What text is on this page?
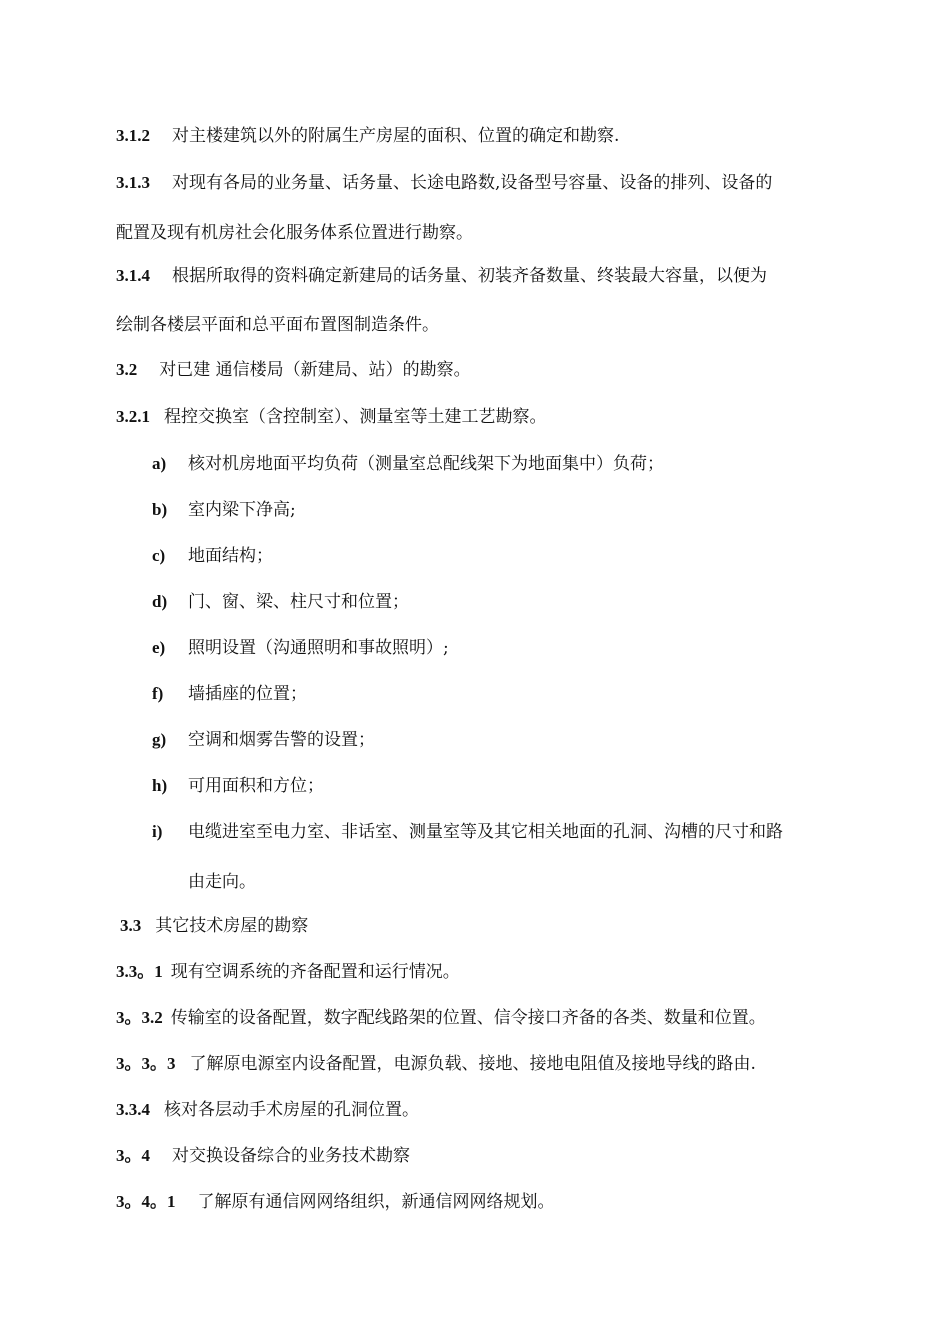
3.1.2 对主楼建筑以外的附属生产房屋的面积、位置的确定和勘察.
3.1.3 对现有各局的业务量、话务量、长途电路数,设备型号容量、设备的排列、设备的
配置及现有机房社会化服务体系位置进行勘察。
3.1.4 根据所取得的资料确定新建局的话务量、初装齐备数量、终装最大容量，以便为
绘制各楼层平面和总平面布置图制造条件。
3.2 对已建 通信楼局（新建局、站）的勘察。
3.2.1 程控交换室（含控制室）、测量室等土建工艺勘察。
a) 核对机房地面平均负荷（测量室总配线架下为地面集中）负荷；
b) 室内梁下净高;
c) 地面结构；
d) 门、窗、梁、柱尺寸和位置；
e) 照明设置（沟通照明和事故照明）;
f) 墙插座的位置；
g) 空调和烟雾告警的设置；
h) 可用面积和方位；
i) 电缆进室至电力室、非话室、测量室等及其它相关地面的孔洞、沟槽的尺寸和路
由走向。
3.3 其它技术房屋的勘察
3.3。1 现有空调系统的齐备配置和运行情况。
3。3.2 传输室的设备配置，数字配线路架的位置、信令接口齐备的各类、数量和位置。
3。3。3 了解原电源室内设备配置，电源负载、接地、接地电阻值及接地导线的路由.
3.3.4 核对各层动手术房屋的孔洞位置。
3。4 对交换设备综合的业务技术勘察
3。4。1 了解原有通信网网络组织，新通信网网络规划。
